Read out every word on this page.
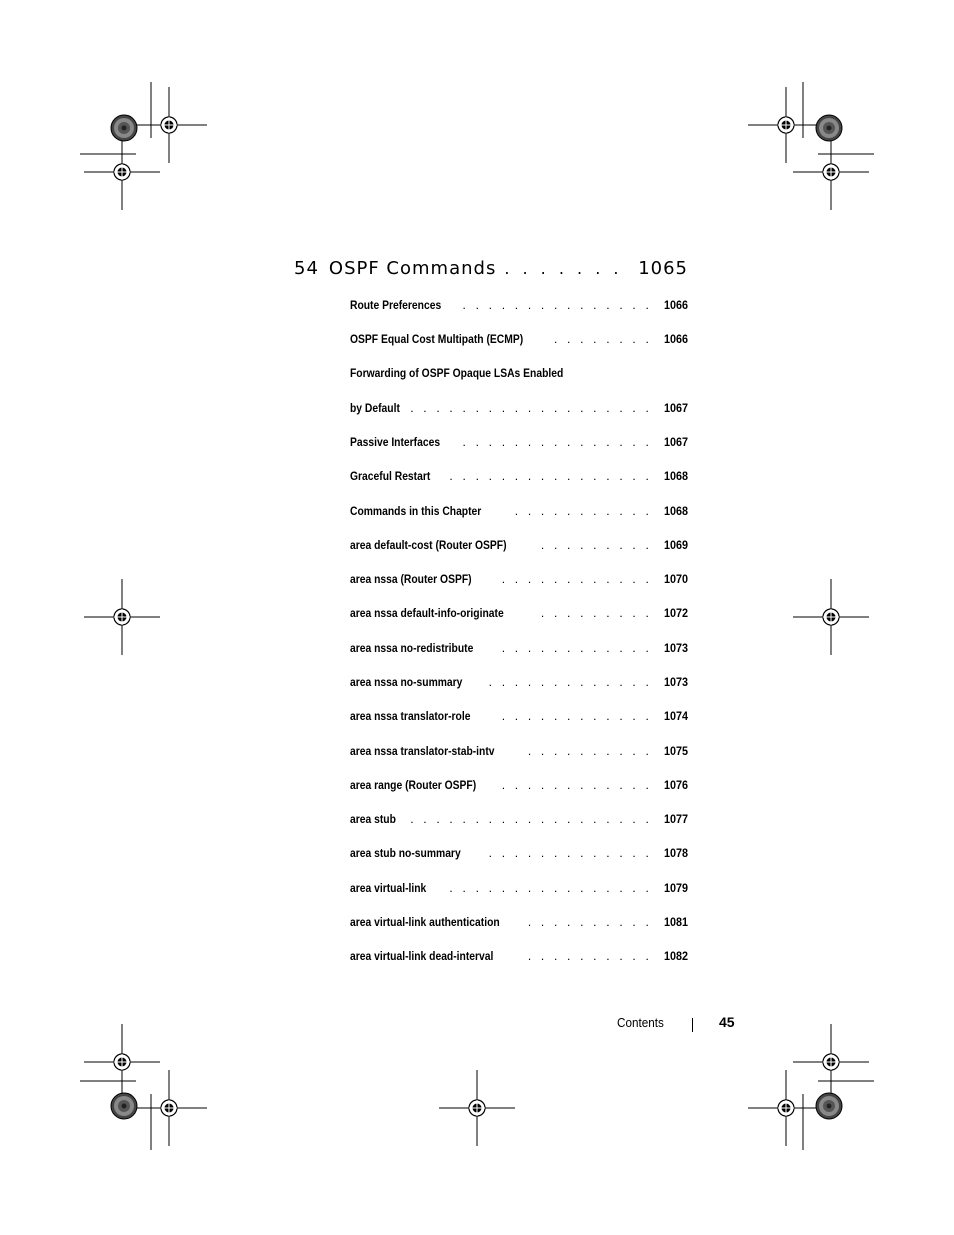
54 OSPF Commands . . .	1065
Route Preferences . . .	1066
OSPF Equal Cost Multipath (ECMP) . . .	1066
Forwarding of OSPF Opaque LSAs Enabled
by Default . . .	1067
Passive Interfaces . . .	1067
Graceful Restart . . .	1068
Commands in this Chapter . . .	1068
area default-cost (Router OSPF) . . .	1069
area nssa (Router OSPF) . . .	1070
area nssa default-info-originate . . .	1072
area nssa no-redistribute . . .	1073
area nssa no-summary . . .	1073
area nssa translator-role . . .	1074
area nssa translator-stab-intv . . .	1075
area range (Router OSPF) . . .	1076
area stub . . .	1077
area stub no-summary . . .	1078
area virtual-link . . .	1079
area virtual-link authentication . . .	1081
area virtual-link dead-interval . . .	1082
Contents	45
